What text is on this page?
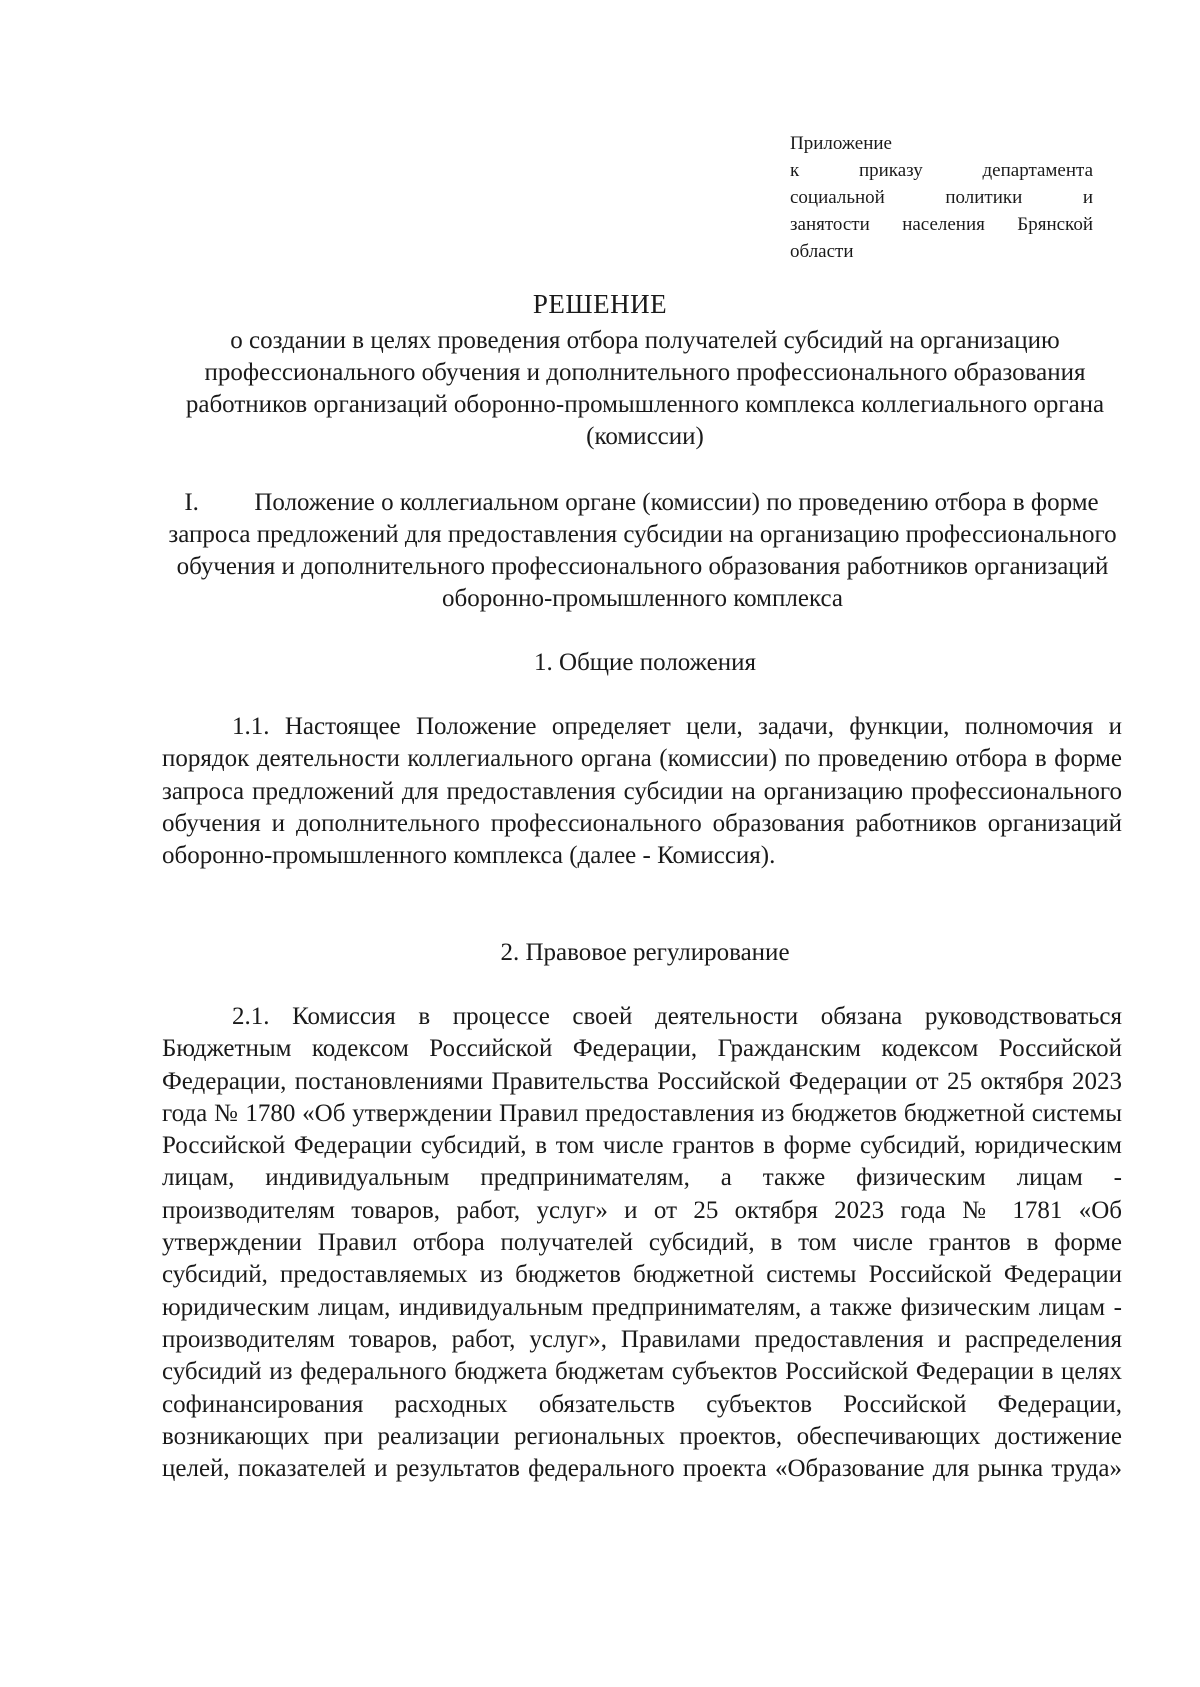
Приложение
к приказу департамента
социальной политики и
занятости населения Брянской
области
РЕШЕНИЕ
о создании в целях проведения отбора получателей субсидий на организацию профессионального обучения и дополнительного профессионального образования работников организаций оборонно-промышленного комплекса коллегиального органа (комиссии)
I. Положение о коллегиальном органе (комиссии) по проведению отбора в форме запроса предложений для предоставления субсидии на организацию профессионального обучения и дополнительного профессионального образования работников организаций оборонно-промышленного комплекса
1. Общие положения
1.1. Настоящее Положение определяет цели, задачи, функции, полномочия и порядок деятельности коллегиального органа (комиссии) по проведению отбора в форме запроса предложений для предоставления субсидии на организацию профессионального обучения и дополнительного профессионального образования работников организаций оборонно-промышленного комплекса (далее - Комиссия).
2. Правовое регулирование
2.1. Комиссия в процессе своей деятельности обязана руководствоваться Бюджетным кодексом Российской Федерации, Гражданским кодексом Российской Федерации, постановлениями Правительства Российской Федерации от 25 октября 2023 года № 1780 «Об утверждении Правил предоставления из бюджетов бюджетной системы Российской Федерации субсидий, в том числе грантов в форме субсидий, юридическим лицам, индивидуальным предпринимателям, а также физическим лицам - производителям товаров, работ, услуг» и от 25 октября 2023 года № 1781 «Об утверждении Правил отбора получателей субсидий, в том числе грантов в форме субсидий, предоставляемых из бюджетов бюджетной системы Российской Федерации юридическим лицам, индивидуальным предпринимателям, а также физическим лицам - производителям товаров, работ, услуг», Правилами предоставления и распределения субсидий из федерального бюджета бюджетам субъектов Российской Федерации в целях софинансирования расходных обязательств субъектов Российской Федерации, возникающих при реализации региональных проектов, обеспечивающих достижение целей, показателей и результатов федерального проекта «Образование для рынка труда»
